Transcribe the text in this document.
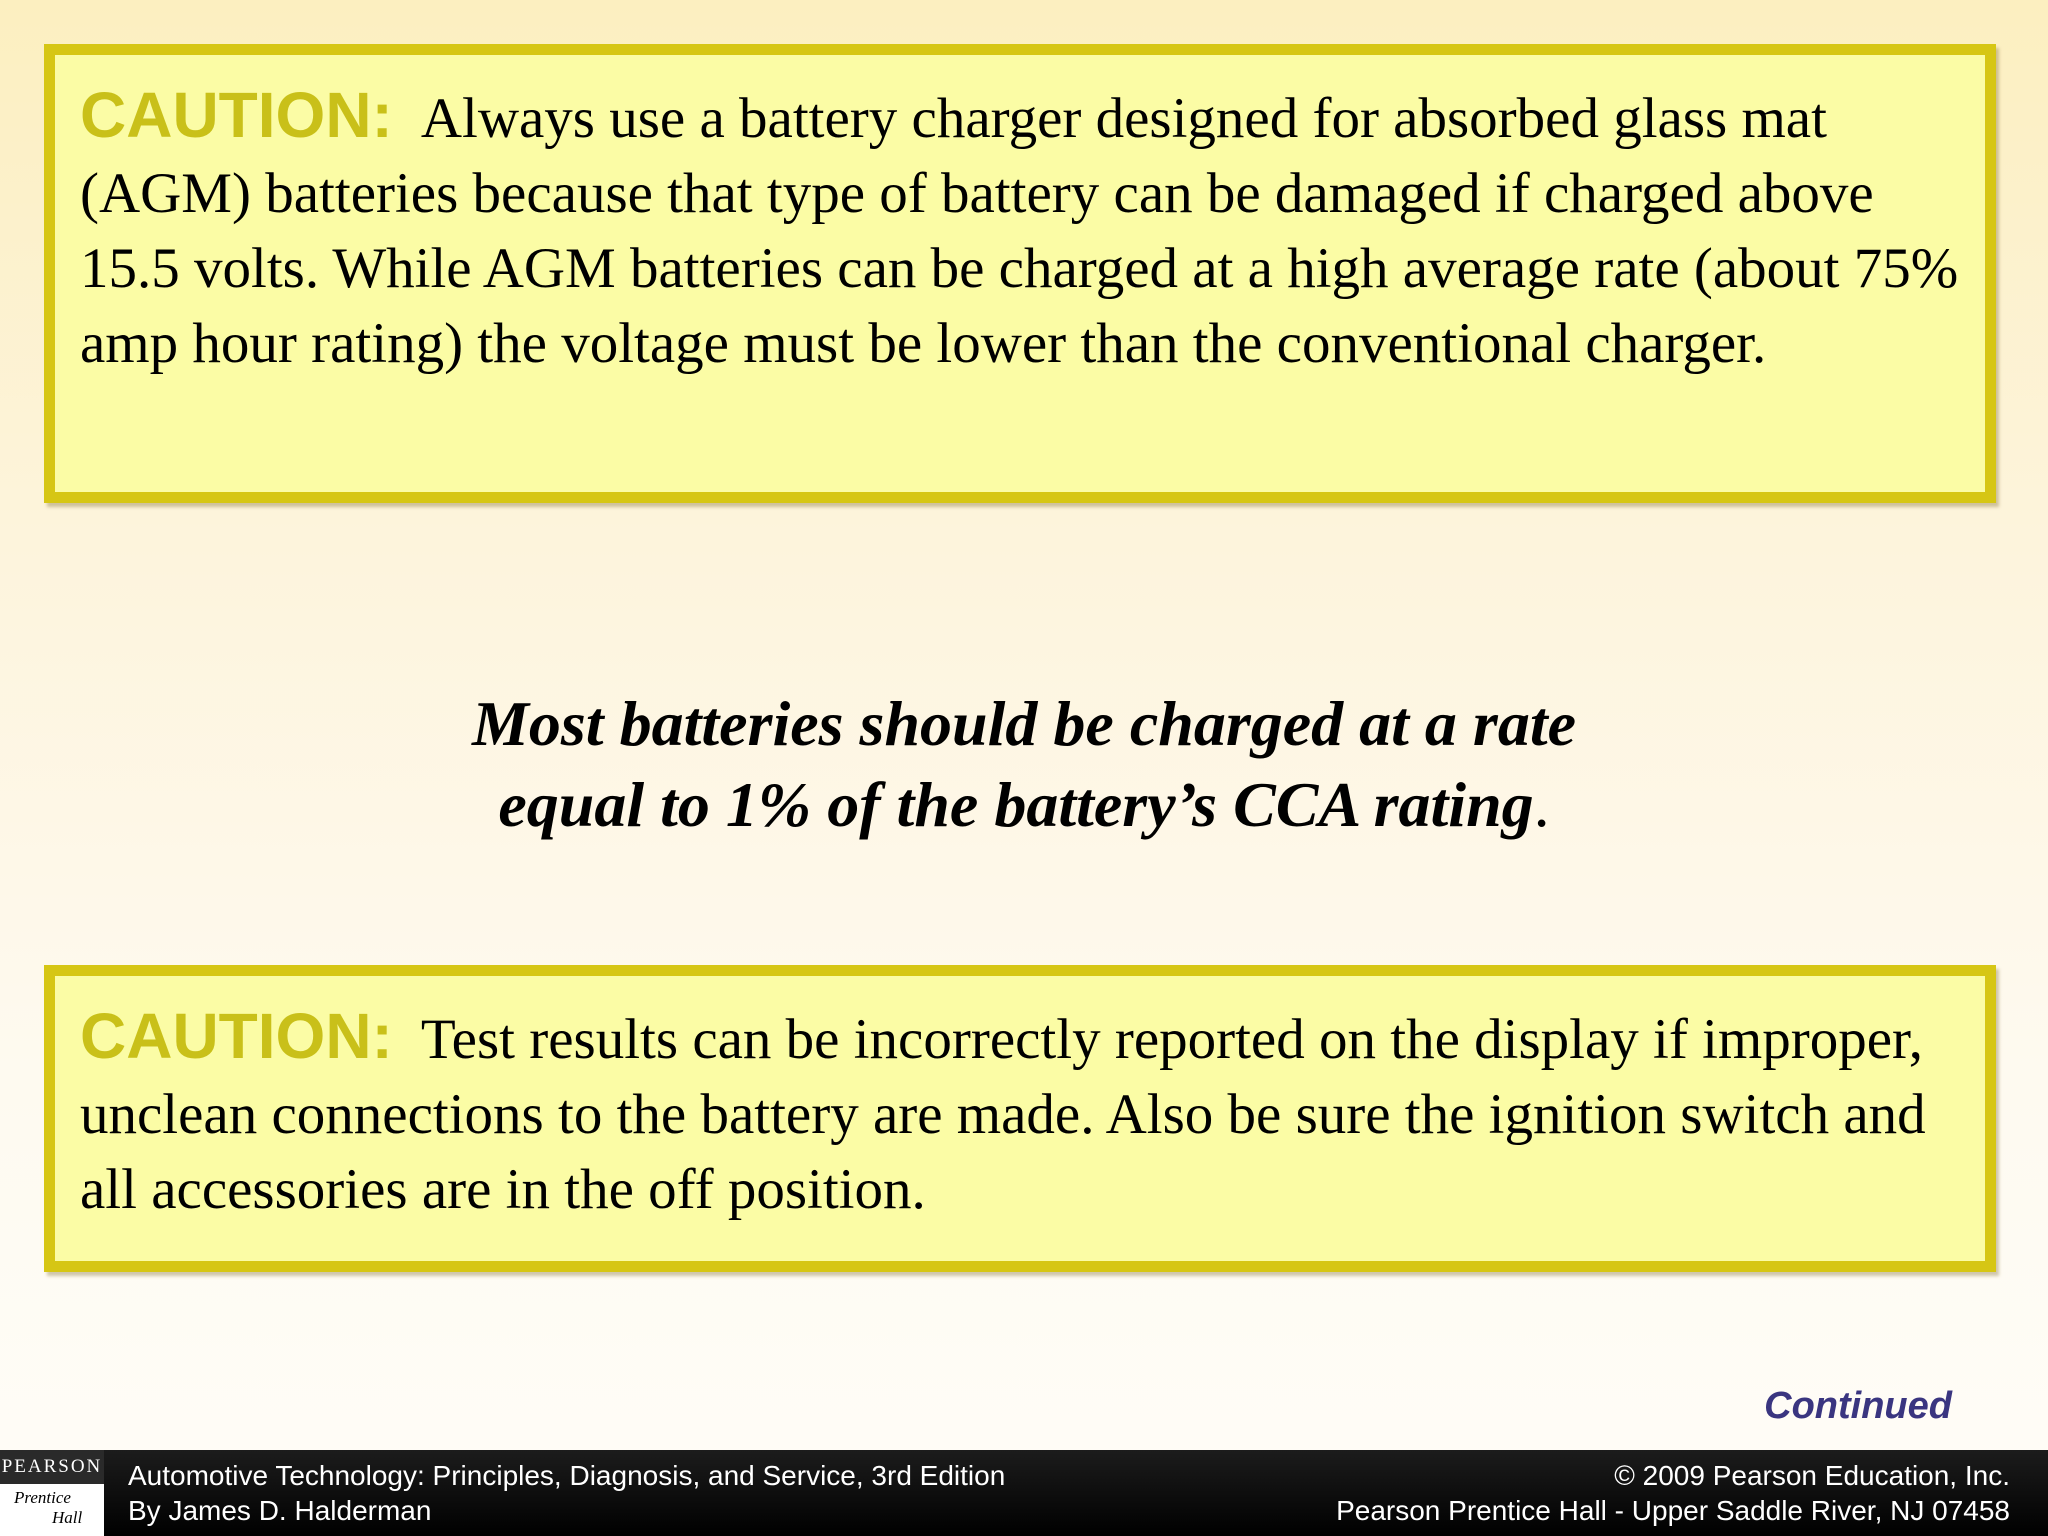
CAUTION: Always use a battery charger designed for absorbed glass mat (AGM) batteries because that type of battery can be damaged if charged above 15.5 volts. While AGM batteries can be charged at a high average rate (about 75% amp hour rating) the voltage must be lower than the conventional charger.
Most batteries should be charged at a rate
equal to 1% of the battery’s CCA rating.
CAUTION: Test results can be incorrectly reported on the display if improper, unclean connections to the battery are made. Also be sure the ignition switch and all accessories are in the off position.
Continued
PEARSON
Prentice
Hall
Automotive Technology: Principles, Diagnosis, and Service, 3rd Edition
By James D. Halderman
© 2009 Pearson Education, Inc.
Pearson Prentice Hall - Upper Saddle River, NJ 07458
